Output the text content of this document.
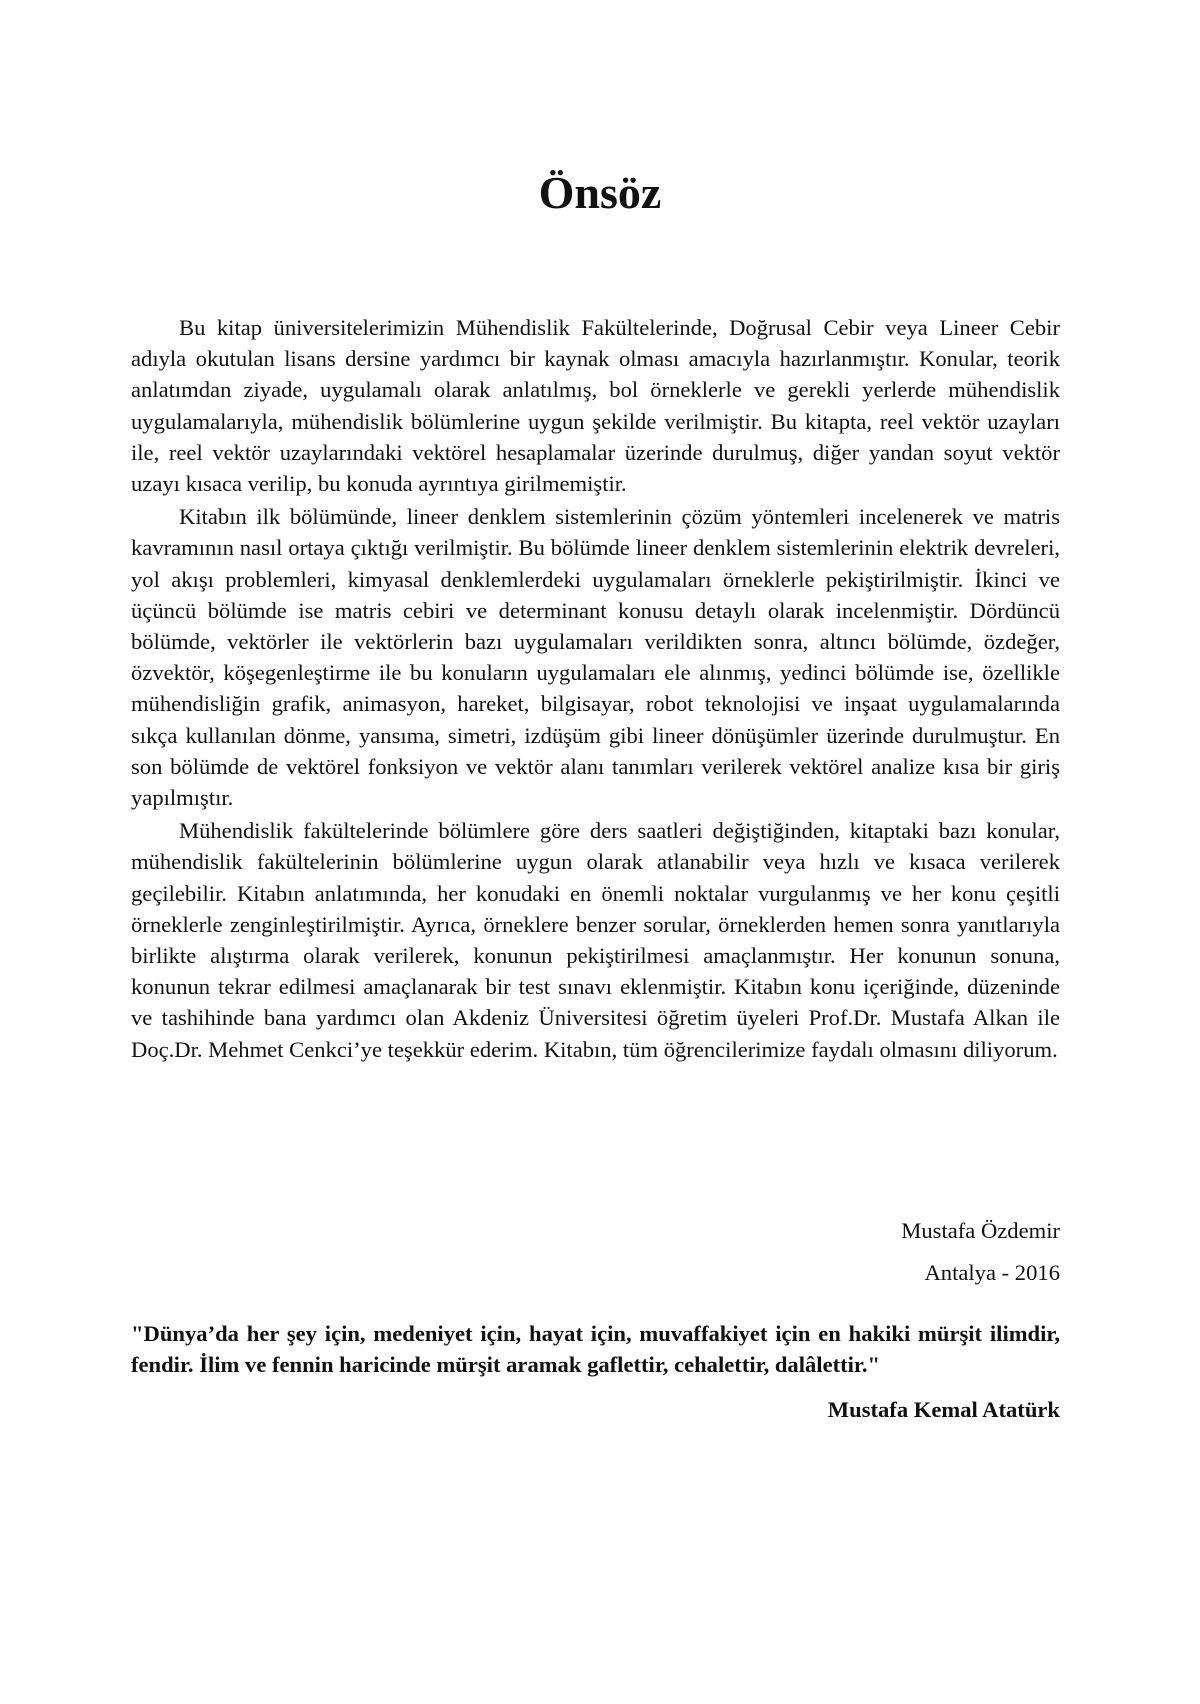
Önsöz

Bu kitap üniversitelerimizin Mühendislik Fakültelerinde, Doğrusal Cebir veya Lineer Cebir adıyla okutulan lisans dersine yardımcı bir kaynak olması amacıyla hazırlanmıştır. Konular, teorik anlatımdan ziyade, uygulamalı olarak anlatılmış, bol örneklerle ve gerekli yerlerde mühendislik uygulamalarıyla, mühendislik bölümlerine uygun şekilde verilmiştir. Bu kitapta, reel vektör uzayları ile, reel vektör uzaylarındaki vektörel hesaplamalar üzerinde durulmuş, diğer yandan soyut vektör uzayı kısaca verilip, bu konuda ayrıntıya girilmemiştir.

Kitabın ilk bölümünde, lineer denklem sistemlerinin çözüm yöntemleri incelenerek ve matris kavramının nasıl ortaya çıktığı verilmiştir. Bu bölümde lineer denklem sistemlerinin elektrik devreleri, yol akışı problemleri, kimyasal denklemlerdeki uygulamaları örneklerle pekiştirilmiştir. İkinci ve üçüncü bölümde ise matris cebiri ve determinant konusu detaylı olarak incelenmiştir. Dördüncü bölümde, vektörler ile vektörlerin bazı uygulamaları verildikten sonra, altıncı bölümde, özdeğer, özvektör, köşegenleştirme ile bu konuların uygulamaları ele alınmış, yedinci bölümde ise, özellikle mühendisliğin grafik, animasyon, hareket, bilgisayar, robot teknolojisi ve inşaat uygulamalarında sıkça kullanılan dönme, yansıma, simetri, izdüşüm gibi lineer dönüşümler üzerinde durulmuştur. En son bölümde de vektörel fonksiyon ve vektör alanı tanımları verilerek vektörel analize kısa bir giriş yapılmıştır.

Mühendislik fakültelerinde bölümlere göre ders saatleri değiştiğinden, kitaptaki bazı konular, mühendislik fakültelerinin bölümlerine uygun olarak atlanabilir veya hızlı ve kısaca verilerek geçilebilir. Kitabın anlatımında, her konudaki en önemli noktalar vurgulanmış ve her konu çeşitli örneklerle zenginleştirilmiştir. Ayrıca, örneklere benzer sorular, örneklerden hemen sonra yanıtlarıyla birlikte alıştırma olarak verilerek, konunun pekiştirilmesi amaçlanmıştır. Her konunun sonuna, konunun tekrar edilmesi amaçlanarak bir test sınavı eklenmiştir. Kitabın konu içeriğinde, düzeninde ve tashihinde bana yardımcı olan Akdeniz Üniversitesi öğretim üyeleri Prof.Dr. Mustafa Alkan ile Doç.Dr. Mehmet Cenkci’ye teşekkür ederim. Kitabın, tüm öğrencilerimize faydalı olmasını diliyorum.

Mustafa Özdemir
Antalya - 2016

"Dünya’da her şey için, medeniyet için, hayat için, muvaffakiyet için en hakiki mürşit ilimdir, fendir. İlim ve fennin haricinde mürşit aramak gaflettir, cehalettir, dalâlettir."

Mustafa Kemal Atatürk
